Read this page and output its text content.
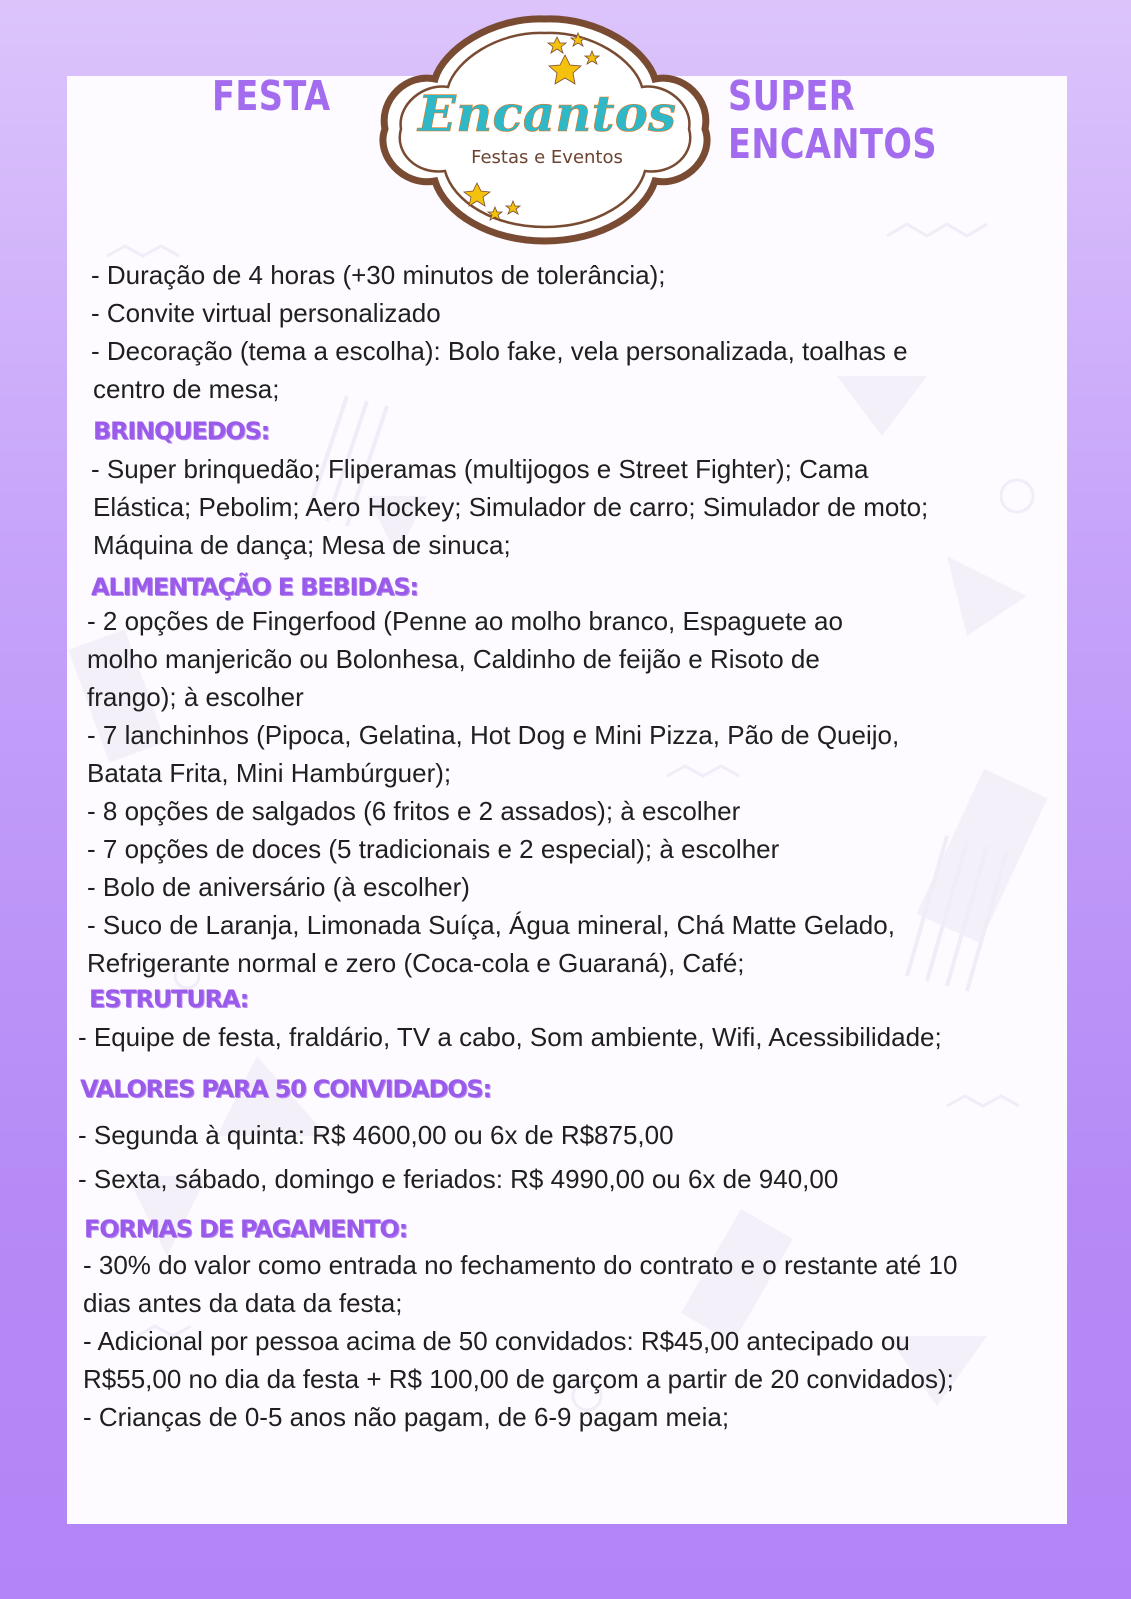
FESTA	SUPER ENCANTOS
Encantos
Festas e Eventos

- Duração de 4 horas (+30 minutos de tolerância);

- Convite virtual personalizado

- Decoração (tema a escolha): Bolo fake, vela personalizada, toalhas e

centro de mesa;

BRINQUEDOS:

- Super brinquedão; Fliperamas (multijogos e Street Fighter); Cama

Elástica; Pebolim; Aero Hockey; Simulador de carro; Simulador de moto;

Máquina de dança; Mesa de sinuca;

ALIMENTAÇÃO E BEBIDAS:

- 2 opções de Fingerfood (Penne ao molho branco, Espaguete ao

molho manjericão ou Bolonhesa, Caldinho de feijão e Risoto de

frango); à escolher

- 7 lanchinhos (Pipoca, Gelatina, Hot Dog e Mini Pizza, Pão de Queijo,

Batata Frita, Mini Hambúrguer);

- 8 opções de salgados (6 fritos e 2 assados); à escolher

- 7 opções de doces (5 tradicionais e 2 especial); à escolher

- Bolo de aniversário (à escolher)

- Suco de Laranja, Limonada Suíça, Água mineral, Chá Matte Gelado,

Refrigerante normal e zero (Coca-cola e Guaraná), Café;

ESTRUTURA:

- Equipe de festa, fraldário, TV a cabo, Som ambiente, Wifi, Acessibilidade;

VALORES PARA 50 CONVIDADOS:

- Segunda à quinta: R$ 4600,00 ou 6x de R$875,00

- Sexta, sábado, domingo e feriados: R$ 4990,00 ou 6x de 940,00

FORMAS DE PAGAMENTO:

- 30% do valor como entrada no fechamento do contrato e o restante até 10

dias antes da data da festa;

- Adicional por pessoa acima de 50 convidados: R$45,00 antecipado ou

R$55,00 no dia da festa + R$ 100,00 de garçom a partir de 20 convidados);

- Crianças de 0-5 anos não pagam, de 6-9 pagam meia;
